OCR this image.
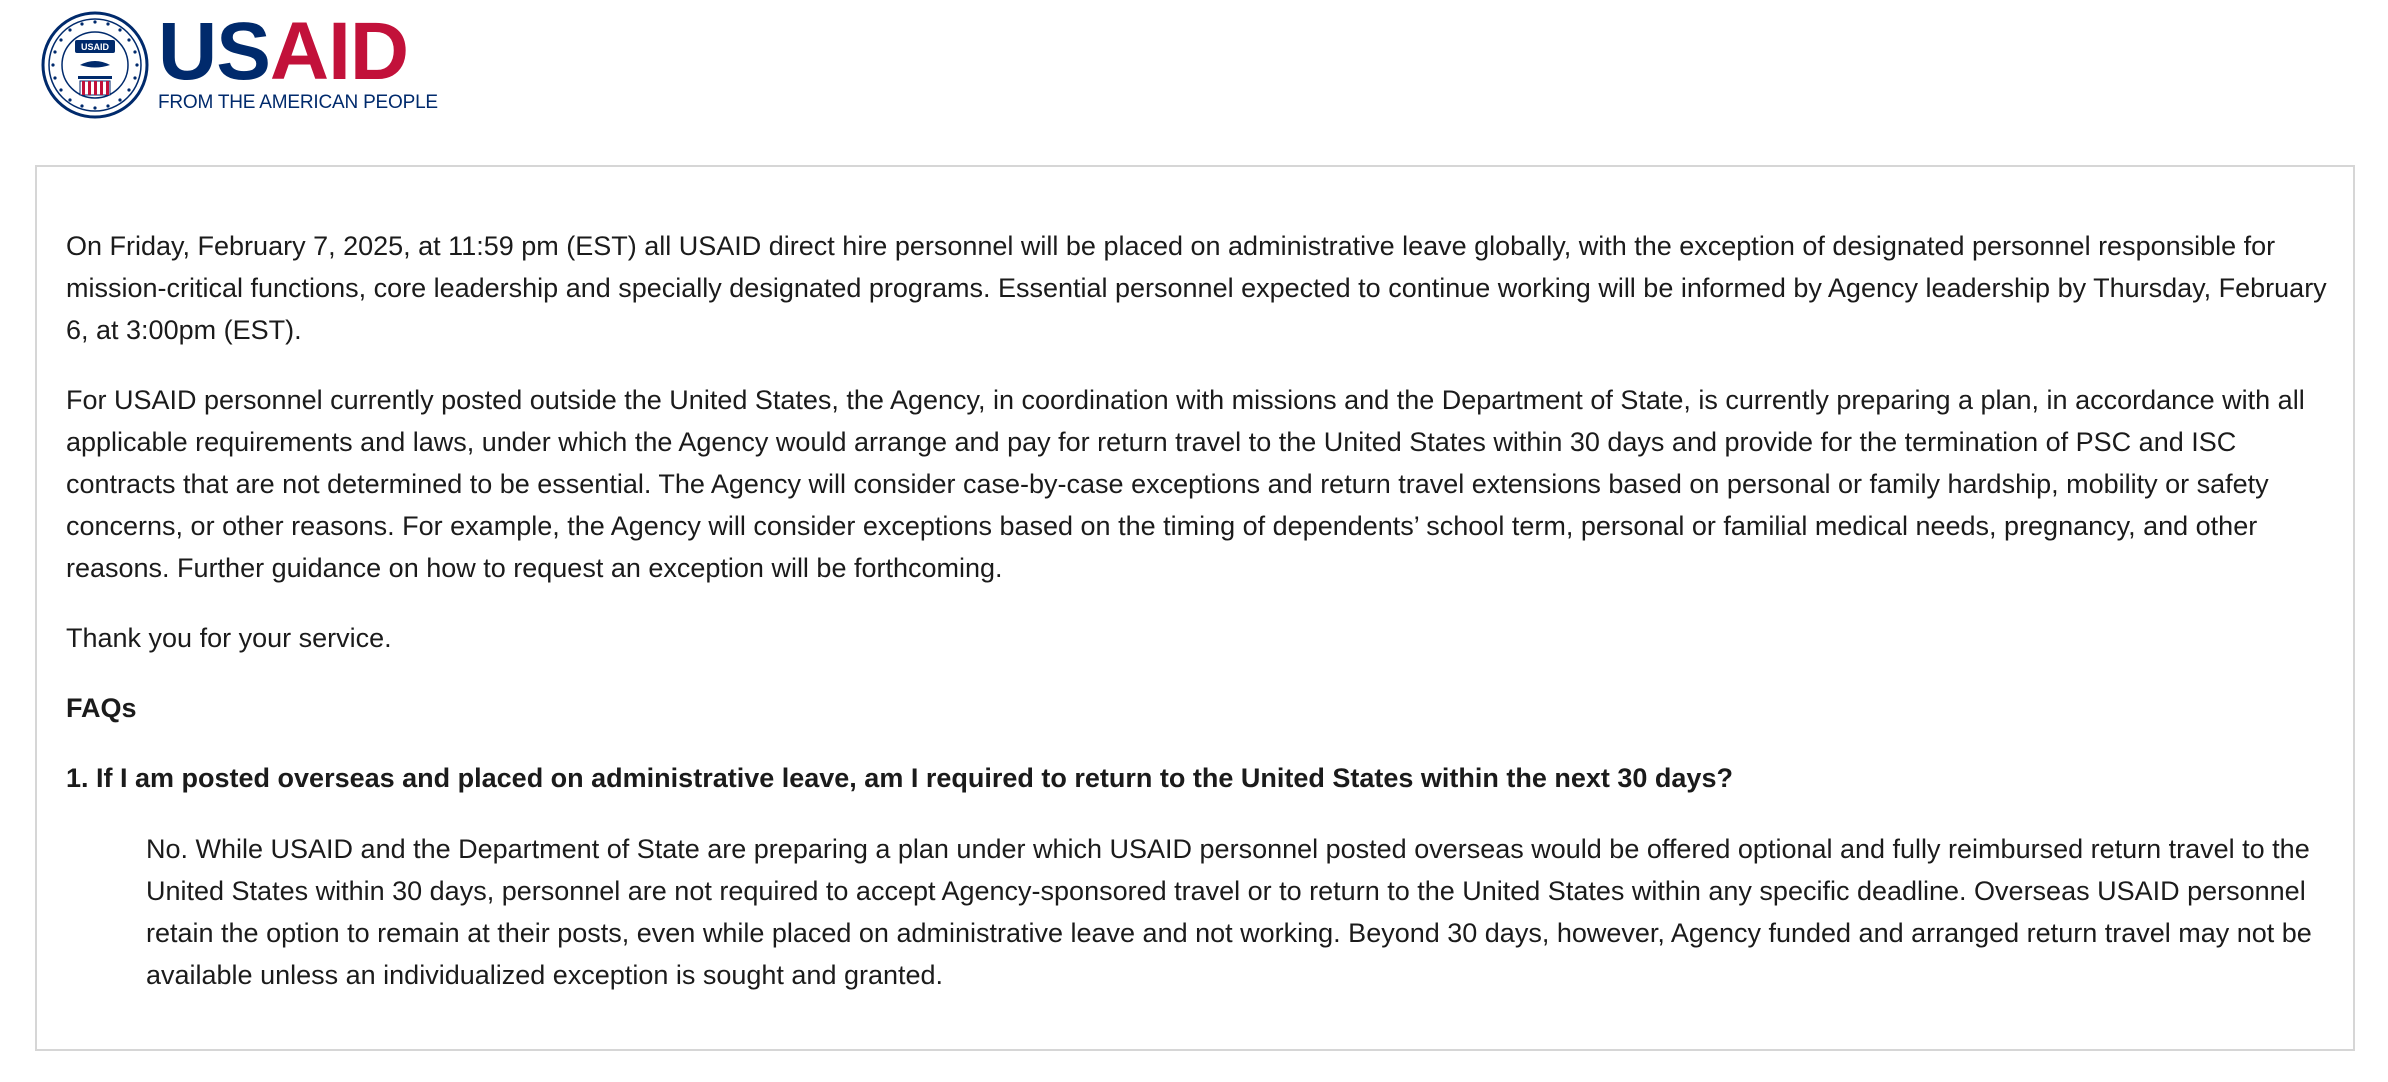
USAID USAID
FROM THE AMERICAN PEOPLE

On Friday, February 7, 2025, at 11:59 pm (EST) all USAID direct hire personnel will be placed on administrative leave globally, with the exception of designated personnel responsible for mission-critical functions, core leadership and specially designated programs. Essential personnel expected to continue working will be informed by Agency leadership by Thursday, February 6, at 3:00pm (EST).

For USAID personnel currently posted outside the United States, the Agency, in coordination with missions and the Department of State, is currently preparing a plan, in accordance with all applicable requirements and laws, under which the Agency would arrange and pay for return travel to the United States within 30 days and provide for the termination of PSC and ISC contracts that are not determined to be essential. The Agency will consider case-by-case exceptions and return travel extensions based on personal or family hardship, mobility or safety concerns, or other reasons. For example, the Agency will consider exceptions based on the timing of dependents’ school term, personal or familial medical needs, pregnancy, and other reasons. Further guidance on how to request an exception will be forthcoming.

Thank you for your service.

FAQs
1. If I am posted overseas and placed on administrative leave, am I required to return to the United States within the next 30 days?
No. While USAID and the Department of State are preparing a plan under which USAID personnel posted overseas would be offered optional and fully reimbursed return travel to the United States within 30 days, personnel are not required to accept Agency-sponsored travel or to return to the United States within any specific deadline. Overseas USAID personnel retain the option to remain at their posts, even while placed on administrative leave and not working. Beyond 30 days, however, Agency funded and arranged return travel may not be available unless an individualized exception is sought and granted.
